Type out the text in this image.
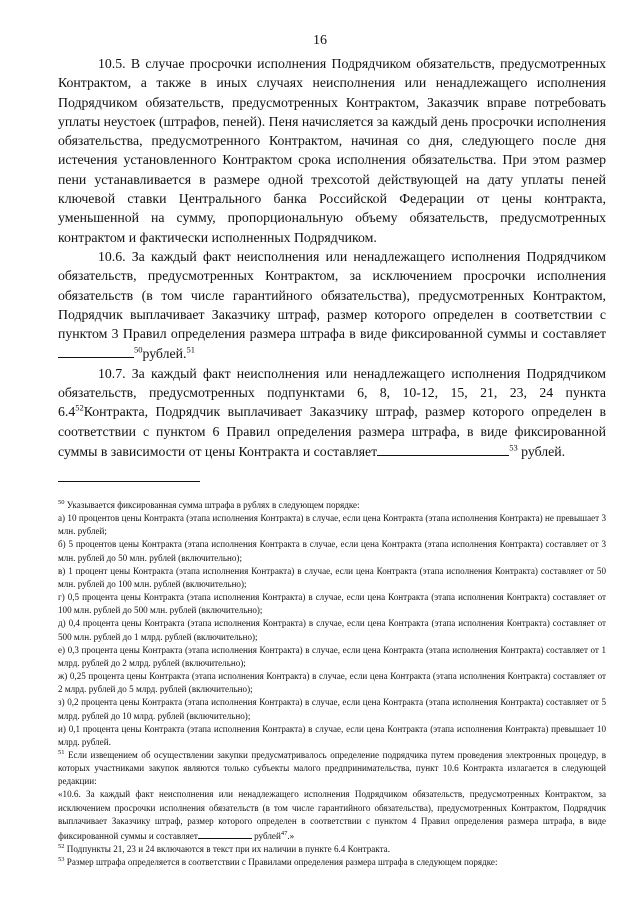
16

10.5. В случае просрочки исполнения Подрядчиком обязательств, предусмотренных Контрактом, а также в иных случаях неисполнения или ненадлежащего исполнения Подрядчиком обязательств, предусмотренных Контрактом, Заказчик вправе потребовать уплаты неустоек (штрафов, пеней). Пеня начисляется за каждый день просрочки исполнения обязательства, предусмотренного Контрактом, начиная со дня, следующего после дня истечения установленного Контрактом срока исполнения обязательства. При этом размер пени устанавливается в размере одной трехсотой действующей на дату уплаты пеней ключевой ставки Центрального банка Российской Федерации от цены контракта, уменьшенной на сумму, пропорциональную объему обязательств, предусмотренных контрактом и фактически исполненных Подрядчиком.

10.6. За каждый факт неисполнения или ненадлежащего исполнения Подрядчиком обязательств, предусмотренных Контрактом, за исключением просрочки исполнения обязательств (в том числе гарантийного обязательства), предусмотренных Контрактом, Подрядчик выплачивает Заказчику штраф, размер которого определен в соответствии с пунктом 3 Правил определения размера штрафа в виде фиксированной суммы и составляет $^{50}$рублей.$^{51}$

10.7. За каждый факт неисполнения или ненадлежащего исполнения Подрядчиком обязательств, предусмотренных подпунктами 6, 8, 10-12, 15, 21, 23, 24 пункта 6.4$^{52}$Контракта, Подрядчик выплачивает Заказчику штраф, размер которого определен в соответствии с пунктом 6 Правил определения размера штрафа, в виде фиксированной суммы в зависимости от цены Контракта и составляет	$^{53}$ рублей.

$^{50}$ Указывается фиксированная сумма штрафа в рублях в следующем порядке:

а) 10 процентов цены Контракта (этапа исполнения Контракта) в случае, если цена Контракта (этапа исполнения Контракта) не превышает 3 млн. рублей;

б) 5 процентов цены Контракта (этапа исполнения Контракта в случае, если цена Контракта (этапа исполнения Контракта) составляет от 3 млн. рублей до 50 млн. рублей (включительно);

в) 1 процент цены Контракта (этапа исполнения Контракта) в случае, если цена Контракта (этапа исполнения Контракта) составляет от 50 млн. рублей до 100 млн. рублей (включительно);

г) 0,5 процента цены Контракта (этапа исполнения Контракта) в случае, если цена Контракта (этапа исполнения Контракта) составляет от 100 млн. рублей до 500 млн. рублей (включительно);

д) 0,4 процента цены Контракта (этапа исполнения Контракта) в случае, если цена Контракта (этапа исполнения Контракта) составляет от 500 млн. рублей до 1 млрд. рублей (включительно);

е) 0,3 процента цены Контракта (этапа исполнения Контракта) в случае, если цена Контракта (этапа исполнения Контракта) составляет от 1 млрд. рублей до 2 млрд. рублей (включительно);

ж) 0,25 процента цены Контракта (этапа исполнения Контракта) в случае, если цена Контракта (этапа исполнения Контракта) составляет от 2 млрд. рублей до 5 млрд. рублей (включительно);

з) 0,2 процента цены Контракта (этапа исполнения Контракта) в случае, если цена Контракта (этапа исполнения Контракта) составляет от 5 млрд. рублей до 10 млрд. рублей (включительно);

и) 0,1 процента цены Контракта (этапа исполнения Контракта) в случае, если цена Контракта (этапа исполнения Контракта) превышает 10 млрд. рублей.

$^{51}$ Если извещением об осуществлении закупки предусматривалось определение подрядчика путем проведения электронных процедур, в которых участниками закупок являются только субъекты малого предпринимательства, пункт 10.6 Контракта излагается в следующей редакции:

«10.6. За каждый факт неисполнения или ненадлежащего исполнения Подрядчиком обязательств, предусмотренных Контрактом, за исключением просрочки исполнения обязательств (в том числе гарантийного обязательства), предусмотренных Контрактом, Подрядчик выплачивает Заказчику штраф, размер которого определен в соответствии с пунктом 4 Правил определения размера штрафа, в виде фиксированной суммы и составляет	рублей$^{47}$.»

$^{52}$ Подпункты 21, 23 и 24 включаются в текст при их наличии в пункте 6.4 Контракта.

$^{53}$ Размер штрафа определяется в соответствии с Правилами определения размера штрафа в следующем порядке:
